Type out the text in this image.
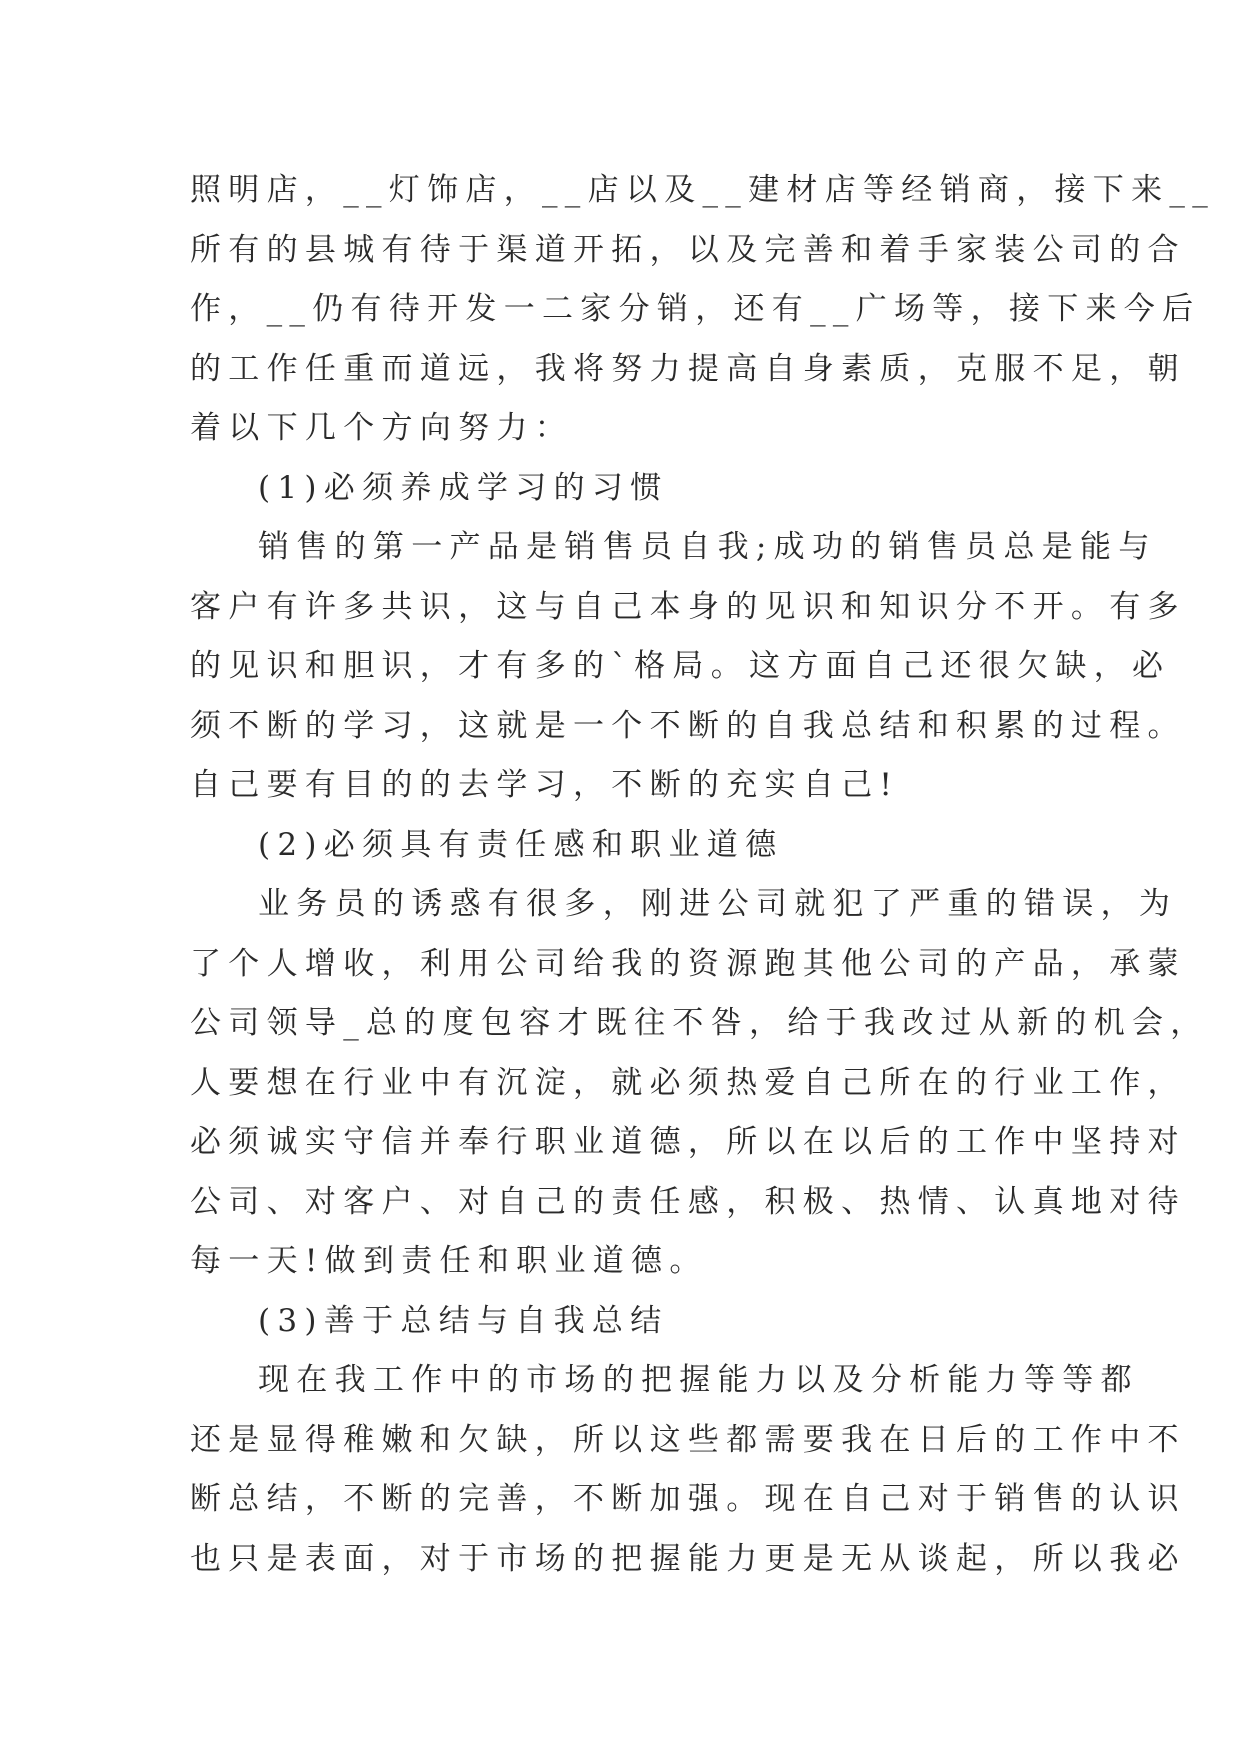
照明店，__灯饰店，__店以及__建材店等经销商，接下来__
所有的县城有待于渠道开拓，以及完善和着手家装公司的合
作，__仍有待开发一二家分销，还有__广场等，接下来今后
的工作任重而道远，我将努力提高自身素质，克服不足，朝
着以下几个方向努力：
(1)必须养成学习的习惯
销售的第一产品是销售员自我;成功的销售员总是能与
客户有许多共识，这与自己本身的见识和知识分不开。有多
的见识和胆识，才有多的`格局。这方面自己还很欠缺，必
须不断的学习，这就是一个不断的自我总结和积累的过程。
自己要有目的的去学习，不断的充实自己!
(2)必须具有责任感和职业道德
业务员的诱惑有很多，刚进公司就犯了严重的错误，为
了个人增收，利用公司给我的资源跑其他公司的产品，承蒙
公司领导_总的度包容才既往不咎，给于我改过从新的机会，
人要想在行业中有沉淀，就必须热爱自己所在的行业工作，
必须诚实守信并奉行职业道德，所以在以后的工作中坚持对
公司、对客户、对自己的责任感，积极、热情、认真地对待
每一天!做到责任和职业道德。
(3)善于总结与自我总结
现在我工作中的市场的把握能力以及分析能力等等都
还是显得稚嫩和欠缺，所以这些都需要我在日后的工作中不
断总结，不断的完善，不断加强。现在自己对于销售的认识
也只是表面，对于市场的把握能力更是无从谈起，所以我必
